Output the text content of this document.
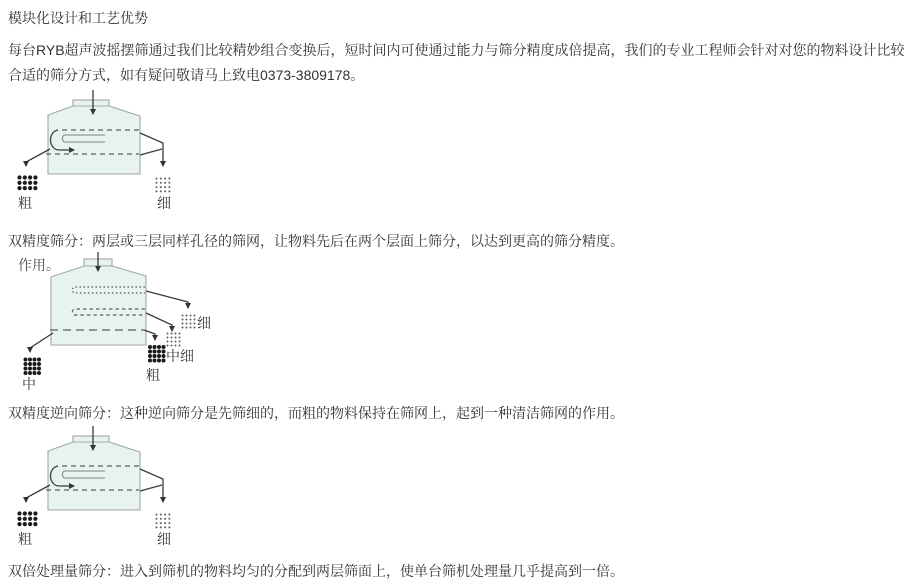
模块化设计和工艺优势

每台RYB超声波摇摆筛通过我们比较精妙组合变换后，短时间内可使通过能力与筛分精度成倍提高，我们的专业工程师会针对对您的物料设计比较合适的筛分方式，如有疑问敬请马上致电0373-3809178。

粗	细

双精度筛分：两层或三层同样孔径的筛网，让物料先后在两个层面上筛分，以达到更高的筛分精度。

作用。
细
中细
粗
中

双精度逆向筛分：这种逆向筛分是先筛细的，而粗的物料保持在筛网上，起到一种清洁筛网的作用。

粗	细

双倍处理量筛分：进入到筛机的物料均匀的分配到两层筛面上，使单台筛机处理量几乎提高到一倍。
